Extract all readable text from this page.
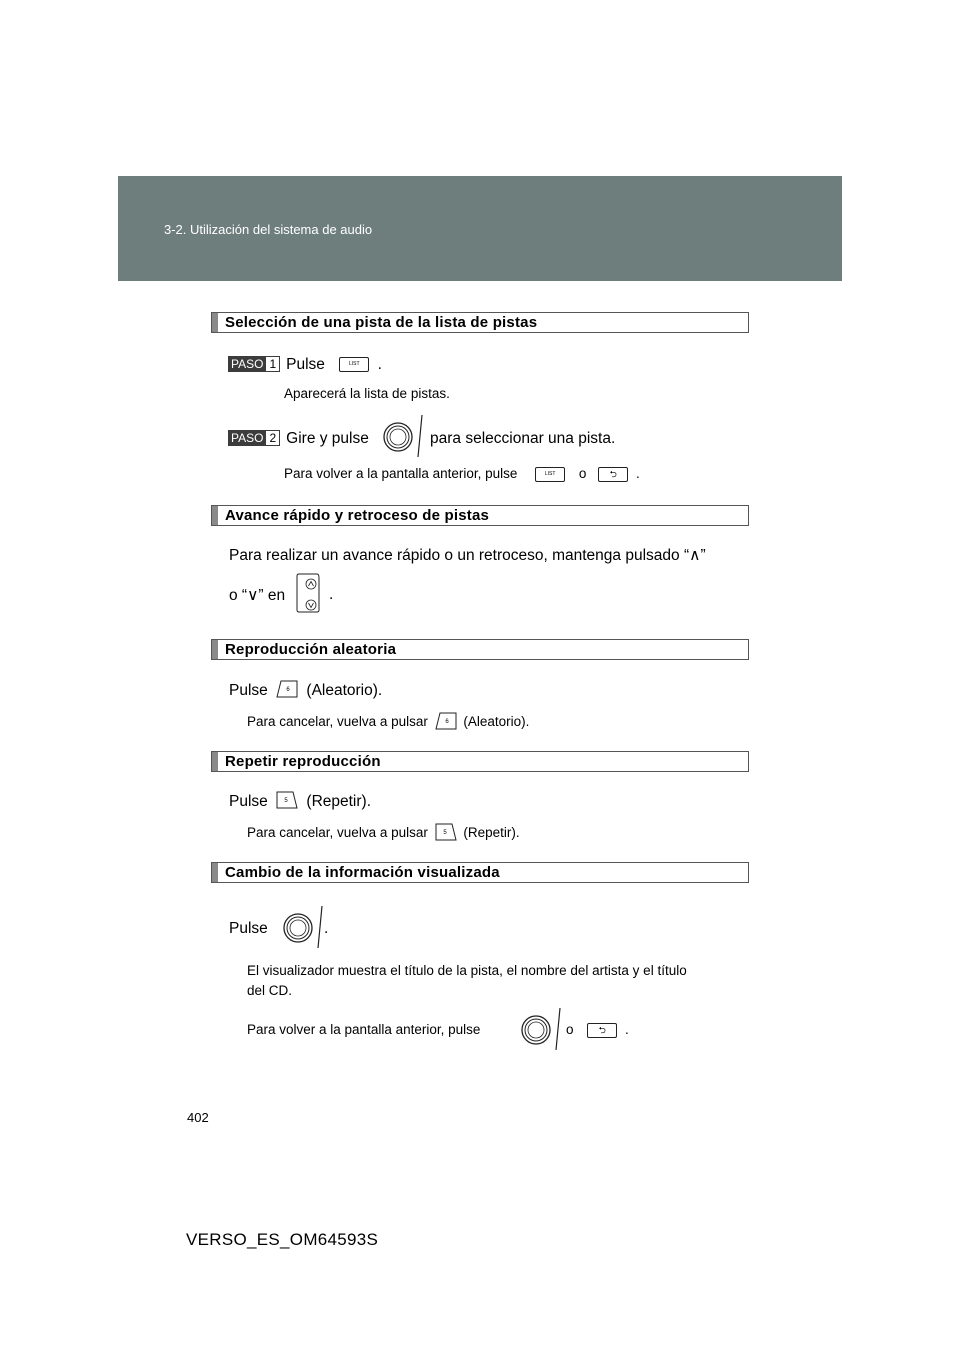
3-2. Utilización del sistema de audio
Selección de una pista de la lista de pistas
PASO 1 Pulse	LIST .
Aparecerá la lista de pistas.
PASO 2 Gire y pulse	para seleccionar una pista.
Para volver a la pantalla anterior, pulse	LIST o	⮌ .
Avance rápido y retroceso de pistas
Para realizar un avance rápido o un retroceso, mantenga pulsado “∧”
o “∨” en	.
Reproducción aleatoria
Pulse	6 (Aleatorio).
Para cancelar, vuelva a pulsar	6 (Aleatorio).
Repetir reproducción
Pulse	5 (Repetir).
Para cancelar, vuelva a pulsar	5 (Repetir).
Cambio de la información visualizada
Pulse	.
El visualizador muestra el título de la pista, el nombre del artista y el título
del CD.
Para volver a la pantalla anterior, pulse	o	⮌ .
402
VERSO_ES_OM64593S
